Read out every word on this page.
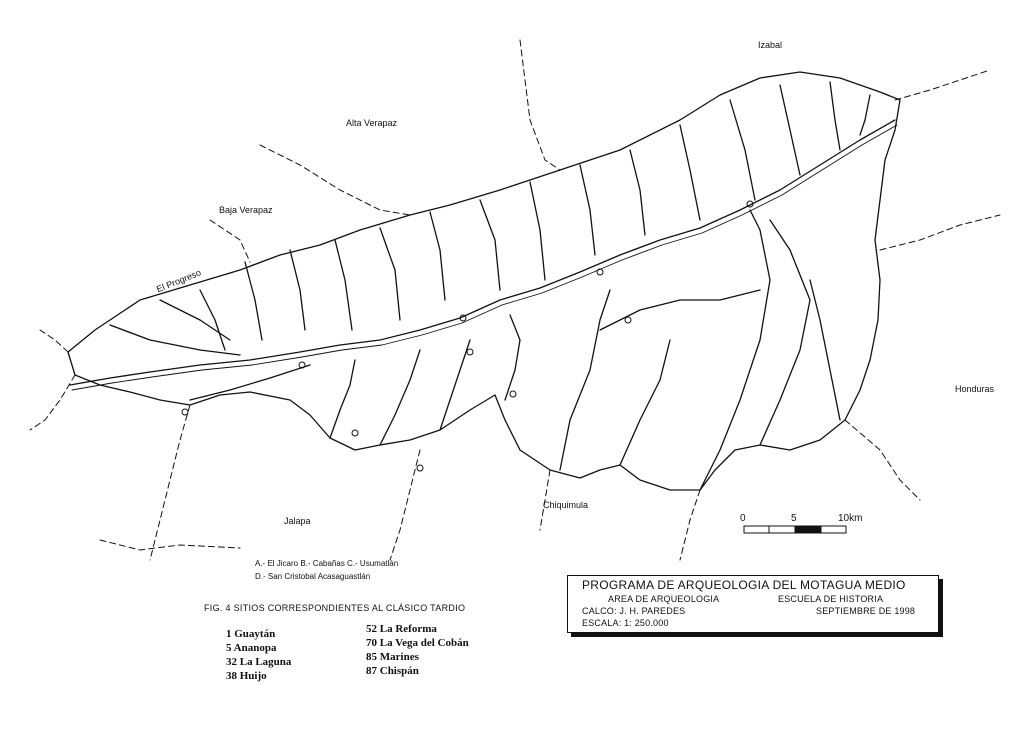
Izabal
Alta Verapaz
Baja Verapaz
El Progreso
Honduras
Jalapa
Chiquimula
0	5	10km
A.- El Jicaro B.- Cabañas C.- Usumatlán
D.- San Cristobal Acasaguastlán
FIG. 4 SITIOS CORRESPONDIENTES AL CLÁSICO TARDIO
1 Guaytán
5 Ananopa
32 La Laguna
38 Huijo
52 La Reforma
70 La Vega del Cobán
85 Marines
87 Chispán
PROGRAMA DE ARQUEOLOGIA DEL MOTAGUA MEDIO
AREA DE ARQUEOLOGIA	ESCUELA DE HISTORIA
CALCO: J. H. PAREDES	SEPTIEMBRE DE 1998
ESCALA: 1: 250.000
